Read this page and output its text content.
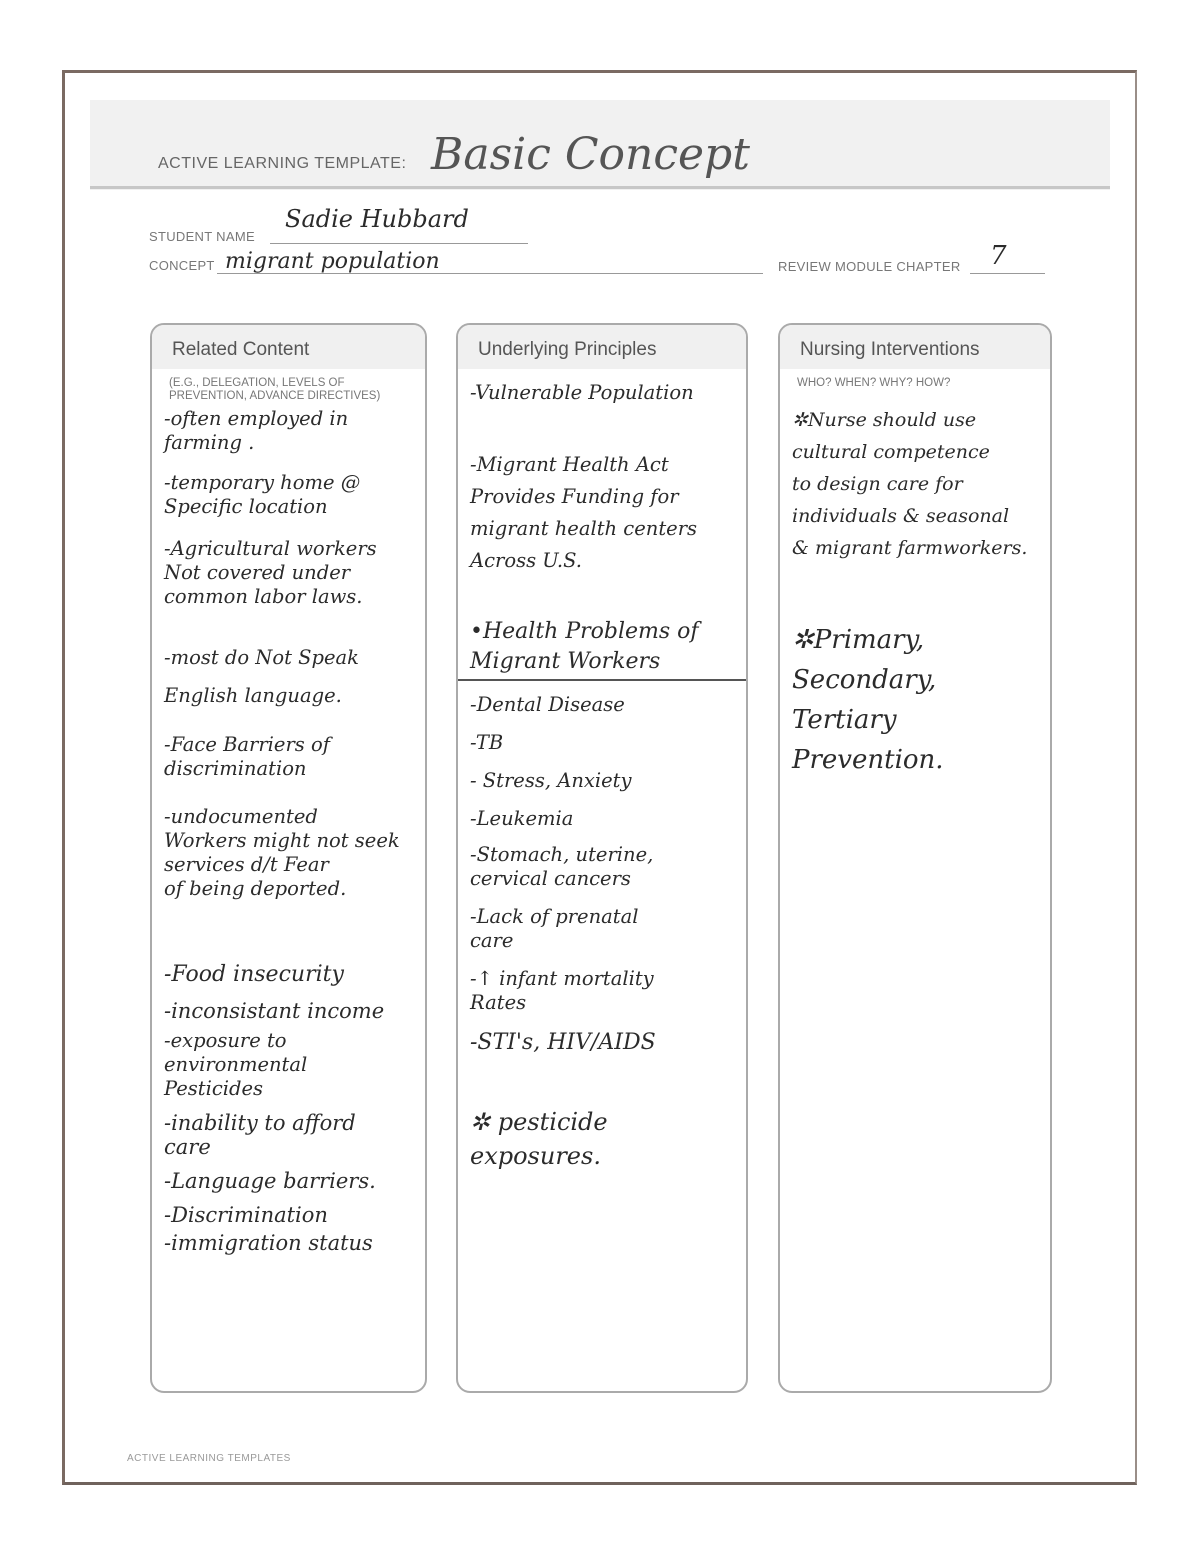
ACTIVE LEARNING TEMPLATE: Basic Concept
STUDENT NAME
Sadie Hubbard
CONCEPT migrant population	REVIEW MODULE CHAPTER 7
Related Content
(E.G., DELEGATION, LEVELS OF PREVENTION, ADVANCE DIRECTIVES)
-often employed in
farming .
-temporary home @
Specific location
-Agricultural workers
Not covered under
common labor laws.
-most do Not Speak
English language.
-Face Barriers of
discrimination
-undocumented
Workers might not seek
services d/t Fear
of being deported.
-Food insecurity
-inconsistant income
-exposure to
environmental
Pesticides
-inability to afford
care
-Language barriers.
-Discrimination
-immigration status
Underlying Principles
-Vulnerable Population
-Migrant Health Act
Provides Funding for
migrant health centers
Across U.S.
•Health Problems of
Migrant Workers
-Dental Disease
-TB
- Stress, Anxiety
-Leukemia
-Stomach, uterine,
cervical cancers
-Lack of prenatal
care
-↑ infant mortality
Rates
-STI's, HIV/AIDS
✲ pesticide
exposures.
Nursing Interventions
WHO? WHEN? WHY? HOW?
✲Nurse should use
cultural competence
to design care for
individuals & seasonal
& migrant farmworkers.
✲Primary,
Secondary,
Tertiary
Prevention.
ACTIVE LEARNING TEMPLATES
